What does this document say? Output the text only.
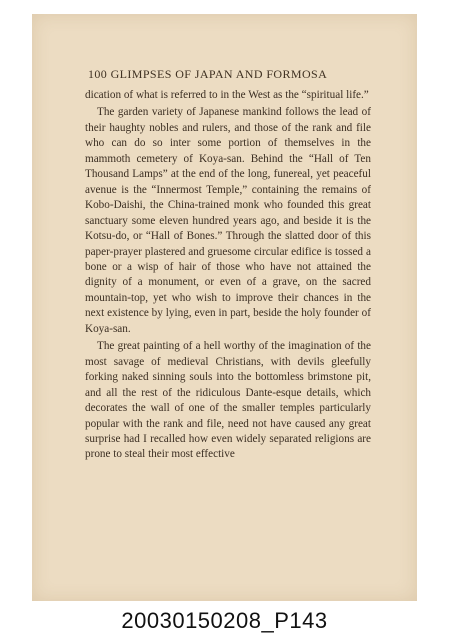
100 GLIMPSES OF JAPAN AND FORMOSA

dication of what is referred to in the West as the “spiritual life.”

The garden variety of Japanese mankind follows the lead of their haughty nobles and rulers, and those of the rank and file who can do so inter some portion of themselves in the mammoth cemetery of Koya-san. Behind the “Hall of Ten Thousand Lamps” at the end of the long, funereal, yet peaceful avenue is the “Innermost Temple,” containing the remains of Kobo-Daishi, the China-trained monk who founded this great sanctuary some eleven hundred years ago, and beside it is the Kotsu-do, or “Hall of Bones.” Through the slatted door of this paper-prayer plastered and gruesome circular edifice is tossed a bone or a wisp of hair of those who have not attained the dignity of a monument, or even of a grave, on the sacred mountain-top, yet who wish to improve their chances in the next existence by lying, even in part, beside the holy founder of Koya-san.

The great painting of a hell worthy of the imagination of the most savage of medieval Christians, with devils gleefully forking naked sinning souls into the bottomless brimstone pit, and all the rest of the ridiculous Dante-esque details, which decorates the wall of one of the smaller temples particularly popular with the rank and file, need not have caused any great surprise had I recalled how even widely separated religions are prone to steal their most effective

20030150208_P143
